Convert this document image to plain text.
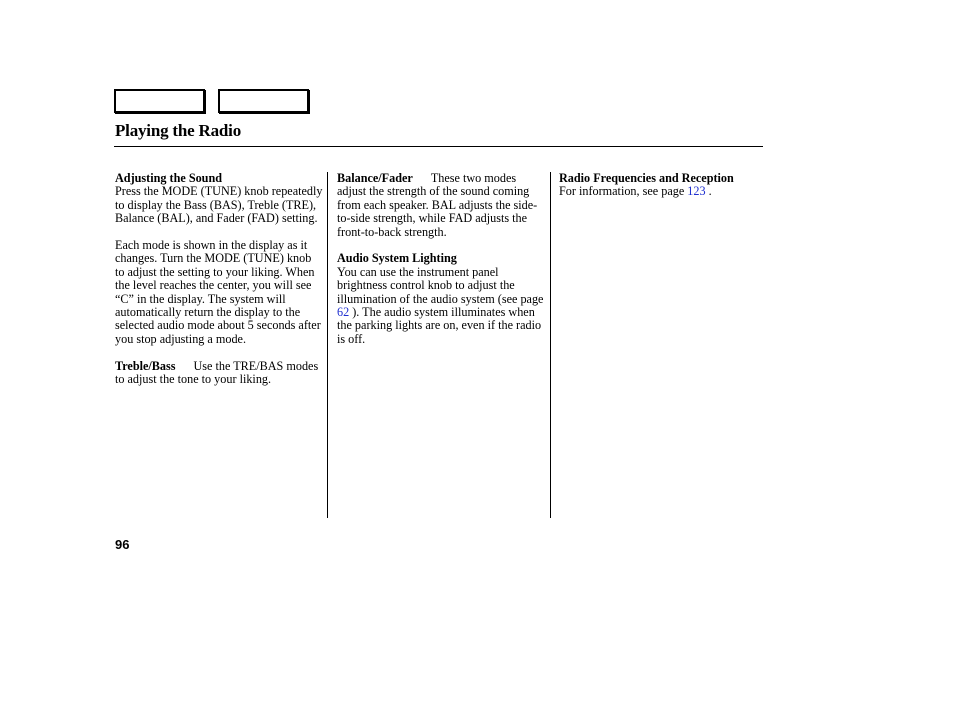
Playing the Radio
Adjusting the Sound

Press the MODE (TUNE) knob repeatedly to display the Bass (BAS), Treble (TRE), Balance (BAL), and Fader (FAD) setting.

Each mode is shown in the display as it changes. Turn the MODE (TUNE) knob to adjust the setting to your liking. When the level reaches the center, you will see “C” in the display. The system will automatically return the display to the selected audio mode about 5 seconds after you stop adjusting a mode.

Treble/Bass Use the TRE/BAS modes to adjust the tone to your liking.

Balance/Fader These two modes adjust the strength of the sound coming from each speaker. BAL adjusts the side-to-side strength, while FAD adjusts the front-to-back strength.

Audio System Lighting

You can use the instrument panel brightness control knob to adjust the illumination of the audio system (see page 62 ). The audio system illuminates when the parking lights are on, even if the radio is off.

Radio Frequencies and Reception

For information, see page 123 .

96
